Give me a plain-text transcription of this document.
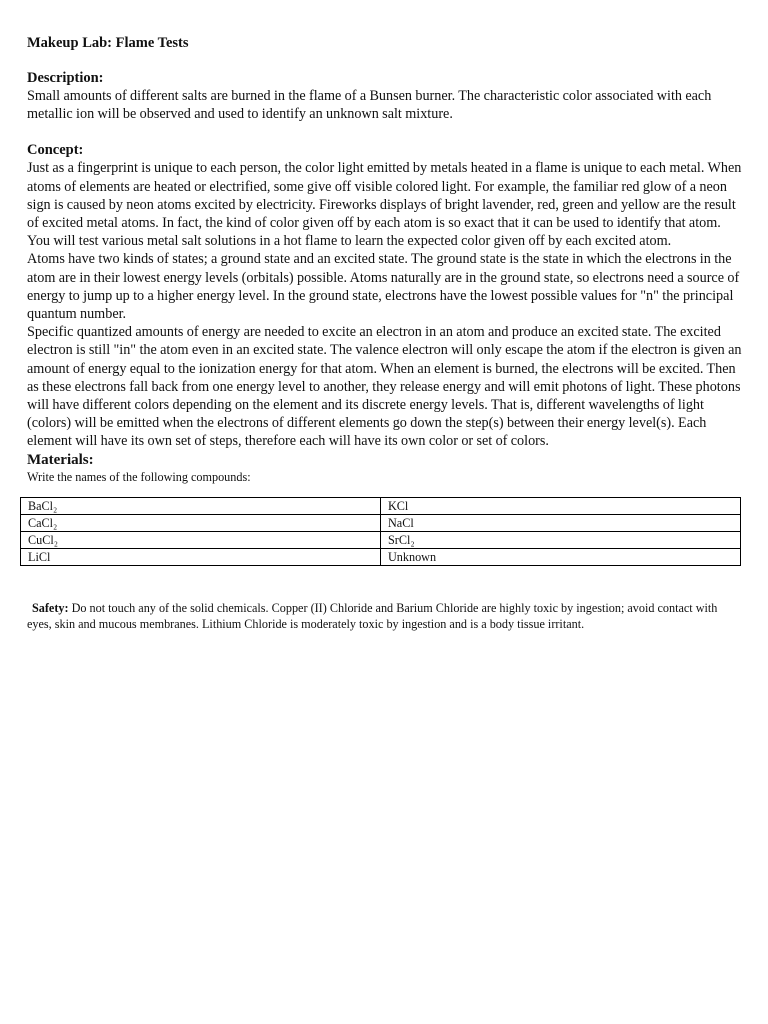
Makeup Lab: Flame Tests

Description:

Small amounts of different salts are burned in the flame of a Bunsen burner. The characteristic color associated with each metallic ion will be observed and used to identify an unknown salt mixture.

Concept:

Just as a fingerprint is unique to each person, the color light emitted by metals heated in a flame is unique to each metal. When atoms of elements are heated or electrified, some give off visible colored light. For example, the familiar red glow of a neon sign is caused by neon atoms excited by electricity. Fireworks displays of bright lavender, red, green and yellow are the result of excited metal atoms. In fact, the kind of color given off by each atom is so exact that it can be used to identify that atom. You will test various metal salt solutions in a hot flame to learn the expected color given off by each excited atom.

Atoms have two kinds of states; a ground state and an excited state. The ground state is the state in which the electrons in the atom are in their lowest energy levels (orbitals) possible. Atoms naturally are in the ground state, so electrons need a source of energy to jump up to a higher energy level. In the ground state, electrons have the lowest possible values for "n" the principal quantum number.

Specific quantized amounts of energy are needed to excite an electron in an atom and produce an excited state. The excited electron is still "in" the atom even in an excited state. The valence electron will only escape the atom if the electron is given an amount of energy equal to the ionization energy for that atom. When an element is burned, the electrons will be excited. Then as these electrons fall back from one energy level to another, they release energy and will emit photons of light. These photons will have different colors depending on the element and its discrete energy levels. That is, different wavelengths of light (colors) will be emitted when the electrons of different elements go down the step(s) between their energy level(s). Each element will have its own set of steps, therefore each will have its own color or set of colors.

Materials:

Write the names of the following compounds:

BaCl₂	KCl
CaCl₂	NaCl
CuCl₂	SrCl₂
LiCl	Unknown

Safety: Do not touch any of the solid chemicals. Copper (II) Chloride and Barium Chloride are highly toxic by ingestion; avoid contact with eyes, skin and mucous membranes. Lithium Chloride is moderately toxic by ingestion and is a body tissue irritant.
